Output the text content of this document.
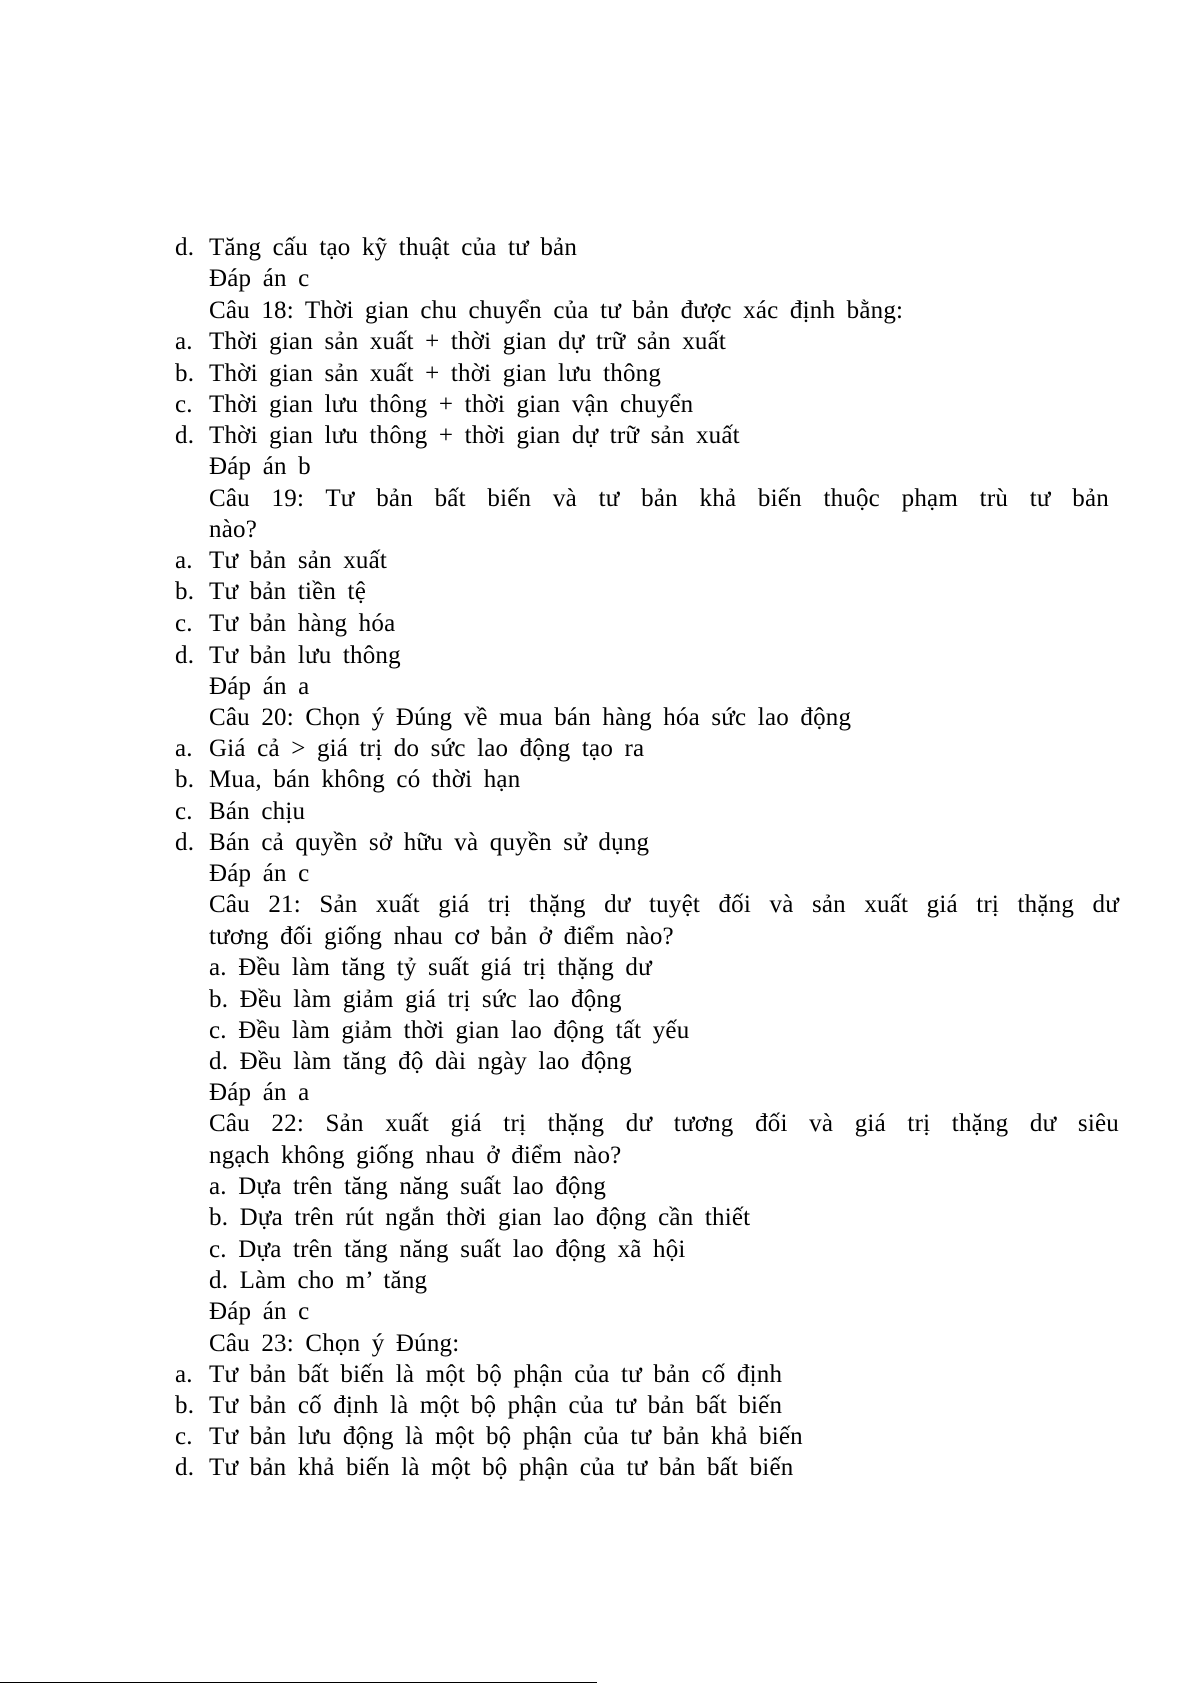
d. Tăng cấu tạo kỹ thuật của tư bản
Đáp án c
Câu 18: Thời gian chu chuyển của tư bản được xác định bằng:
a. Thời gian sản xuất + thời gian dự trữ sản xuất
b. Thời gian sản xuất + thời gian lưu thông
c. Thời gian lưu thông + thời gian vận chuyển
d. Thời gian lưu thông + thời gian dự trữ sản xuất
Đáp án b
Câu 19: Tư bản bất biến và tư bản khả biến thuộc phạm trù tư bản
nào?
a. Tư bản sản xuất
b. Tư bản tiền tệ
c. Tư bản hàng hóa
d. Tư bản lưu thông
Đáp án a
Câu 20: Chọn ý Đúng về mua bán hàng hóa sức lao động
a. Giá cả > giá trị do sức lao động tạo ra
b. Mua, bán không có thời hạn
c. Bán chịu
d. Bán cả quyền sở hữu và quyền sử dụng
Đáp án c
Câu 21: Sản xuất giá trị thặng dư tuyệt đối và sản xuất giá trị thặng dư
tương đối giống nhau cơ bản ở điểm nào?
a. Đều làm tăng tỷ suất giá trị thặng dư
b. Đều làm giảm giá trị sức lao động
c. Đều làm giảm thời gian lao động tất yếu
d. Đều làm tăng độ dài ngày lao động
Đáp án a
Câu 22: Sản xuất giá trị thặng dư tương đối và giá trị thặng dư siêu
ngạch không giống nhau ở điểm nào?
a. Dựa trên tăng năng suất lao động
b. Dựa trên rút ngắn thời gian lao động cần thiết
c. Dựa trên tăng năng suất lao động xã hội
d. Làm cho m’ tăng
Đáp án c
Câu 23: Chọn ý Đúng:
a. Tư bản bất biến là một bộ phận của tư bản cố định
b. Tư bản cố định là một bộ phận của tư bản bất biến
c. Tư bản lưu động là một bộ phận của tư bản khả biến
d. Tư bản khả biến là một bộ phận của tư bản bất biến
